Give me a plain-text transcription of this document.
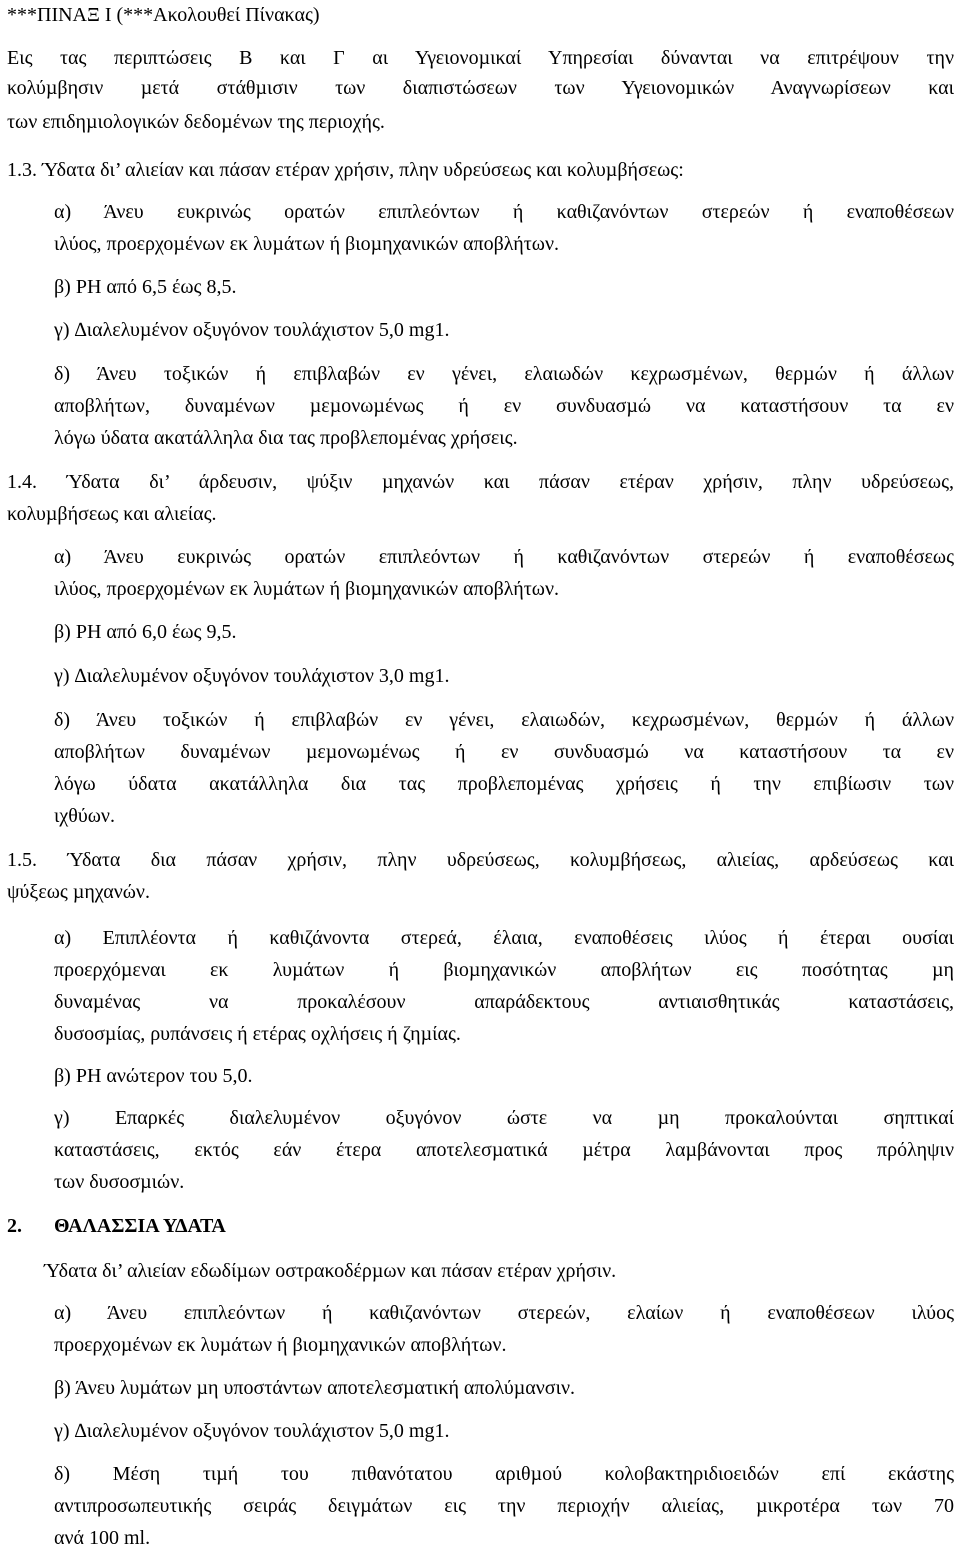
***ΠΙΝΑΞ Ι (***Ακολουθεί Πίνακας)
Εις τας περιπτώσεις Β και Γ αι Υγειονοµικαί Υπηρεσίαι δύνανται να επιτρέψουν την
κολύµβησιν µετά στάθµισιν των διαπιστώσεων των Υγειονοµικών Αναγνωρίσεων και
των επιδηµιολογικών δεδοµένων της περιοχής.
1.3. Ύδατα δι’ αλιείαν και πάσαν ετέραν χρήσιν, πλην υδρεύσεως και κολυµβήσεως:
α) Άνευ ευκρινώς ορατών επιπλεόντων ή καθιζανόντων στερεών ή εναποθέσεων
ιλύος, προερχοµένων εκ λυµάτων ή βιοµηχανικών αποβλήτων.
β) ΡΗ από 6,5 έως 8,5.
γ) ∆ιαλελυµένον οξυγόνον τουλάχιστον 5,0 mg1.
δ) Άνευ τοξικών ή επιβλαβών εν γένει, ελαιωδών κεχρωσµένων, θερµών ή άλλων
αποβλήτων, δυναµένων µεµονωµένως ή εν συνδυασµώ να καταστήσουν τα εν
λόγω ύδατα ακατάλληλα δια τας προβλεποµένας χρήσεις.
1.4. Ύδατα δι’ άρδευσιν, ψύξιν µηχανών και πάσαν ετέραν χρήσιν, πλην υδρεύσεως,
κολυµβήσεως και αλιείας.
α) Άνευ ευκρινώς ορατών επιπλεόντων ή καθιζανόντων στερεών ή εναποθέσεως
ιλύος, προερχοµένων εκ λυµάτων ή βιοµηχανικών αποβλήτων.
β) ΡΗ από 6,0 έως 9,5.
γ) ∆ιαλελυµένον οξυγόνον τουλάχιστον 3,0 mg1.
δ) Άνευ τοξικών ή επιβλαβών εν γένει, ελαιωδών, κεχρωσµένων, θερµών ή άλλων
αποβλήτων δυναµένων µεµονωµένως ή εν συνδυασµώ να καταστήσουν τα εν
λόγω ύδατα ακατάλληλα δια τας προβλεποµένας χρήσεις ή την επιβίωσιν των
ιχθύων.
1.5. Ύδατα δια πάσαν χρήσιν, πλην υδρεύσεως, κολυµβήσεως, αλιείας, αρδεύσεως και
ψύξεως µηχανών.
α) Επιπλέοντα ή καθιζάνοντα στερεά, έλαια, εναποθέσεις ιλύος ή έτεραι ουσίαι
προερχόµεναι εκ λυµάτων ή βιοµηχανικών αποβλήτων εις ποσότητας µη
δυναµένας να προκαλέσουν απαράδεκτους αντιαισθητικάς καταστάσεις,
δυσοσµίας, ρυπάνσεις ή ετέρας οχλήσεις ή ζηµίας.
β) ΡΗ ανώτερον του 5,0.
γ) Επαρκές διαλελυµένον οξυγόνον ώστε να µη προκαλούνται σηπτικαί
καταστάσεις, εκτός εάν έτερα αποτελεσµατικά µέτρα λαµβάνονται προς πρόληψιν
των δυσοσµιών.
2. ΘΑΛΑΣΣΙΑ ΥΔΑΤΑ
Ύδατα δι’ αλιείαν εδωδίµων οστρακοδέρµων και πάσαν ετέραν χρήσιν.
α) Άνευ επιπλεόντων ή καθιζανόντων στερεών, ελαίων ή εναποθέσεων ιλύος
προερχοµένων εκ λυµάτων ή βιοµηχανικών αποβλήτων.
β) Άνευ λυµάτων µη υποστάντων αποτελεσµατική απολύµανσιν.
γ) ∆ιαλελυµένον οξυγόνον τουλάχιστον 5,0 mg1.
δ) Μέση τιµή του πιθανότατου αριθµού κολοβακτηριδιοειδών επί εκάστης
αντιπροσωπευτικής σειράς δειγµάτων εις την περιοχήν αλιείας, µικροτέρα των 70
ανά 100 ml.
